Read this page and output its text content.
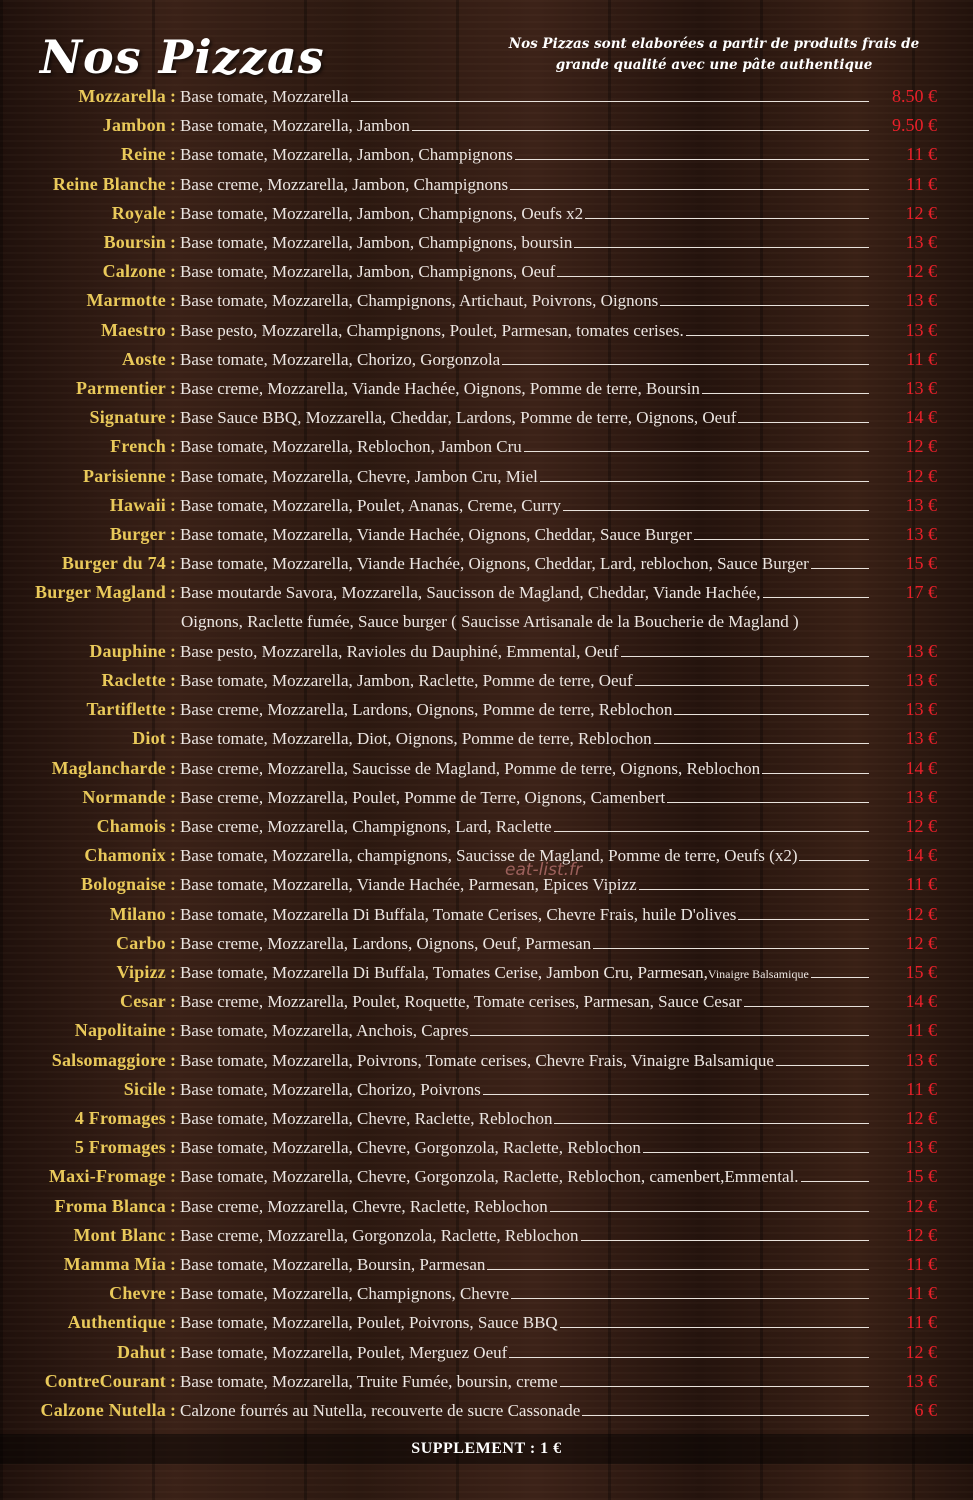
Nos Pizzas	Nos Pizzas sont elaborées a partir de produits frais de grande qualité avec une pâte authentique
Mozzarella : Base tomate, Mozzarella	8.50 €
Jambon : Base tomate, Mozzarella, Jambon	9.50 €
Reine : Base tomate, Mozzarella, Jambon, Champignons	11 €
Reine Blanche : Base creme, Mozzarella, Jambon, Champignons	11 €
Royale : Base tomate, Mozzarella, Jambon, Champignons, Oeufs x2	12 €
Boursin : Base tomate, Mozzarella, Jambon, Champignons, boursin	13 €
Calzone : Base tomate, Mozzarella, Jambon, Champignons, Oeuf	12 €
Marmotte : Base tomate, Mozzarella, Champignons, Artichaut, Poivrons, Oignons	13 €
Maestro : Base pesto, Mozzarella, Champignons, Poulet, Parmesan, tomates cerises.	13 €
Aoste : Base tomate, Mozzarella, Chorizo, Gorgonzola	11 €
Parmentier : Base creme, Mozzarella, Viande Hachée, Oignons, Pomme de terre, Boursin	13 €
Signature : Base Sauce BBQ, Mozzarella, Cheddar, Lardons, Pomme de terre, Oignons, Oeuf	14 €
French : Base tomate, Mozzarella, Reblochon, Jambon Cru	12 €
Parisienne : Base tomate, Mozzarella, Chevre, Jambon Cru, Miel	12 €
Hawaii : Base tomate, Mozzarella, Poulet, Ananas, Creme, Curry	13 €
Burger : Base tomate, Mozzarella, Viande Hachée, Oignons, Cheddar, Sauce Burger	13 €
Burger du 74 : Base tomate, Mozzarella, Viande Hachée, Oignons, Cheddar, Lard, reblochon, Sauce Burger	15 €
Burger Magland : Base moutarde Savora, Mozzarella, Saucisson de Magland, Cheddar, Viande Hachée,	17 €
Oignons, Raclette fumée, Sauce burger ( Saucisse Artisanale de la Boucherie de Magland )
Dauphine : Base pesto, Mozzarella, Ravioles du Dauphiné, Emmental, Oeuf	13 €
Raclette : Base tomate, Mozzarella, Jambon, Raclette, Pomme de terre, Oeuf	13 €
Tartiflette : Base creme, Mozzarella, Lardons, Oignons, Pomme de terre, Reblochon	13 €
Diot : Base tomate, Mozzarella, Diot, Oignons, Pomme de terre, Reblochon	13 €
Maglancharde : Base creme, Mozzarella, Saucisse de Magland, Pomme de terre, Oignons, Reblochon	14 €
Normande : Base creme, Mozzarella, Poulet, Pomme de Terre, Oignons, Camenbert	13 €
Chamois : Base creme, Mozzarella, Champignons, Lard, Raclette	12 €
Chamonix : Base tomate, Mozzarella, champignons, Saucisse de Magland, Pomme de terre, Oeufs (x2)	14 €
Bolognaise : Base tomate, Mozzarella, Viande Hachée, Parmesan, Epices Vipizz	11 €
Milano : Base tomate, Mozzarella Di Buffala, Tomate Cerises, Chevre Frais, huile D'olives	12 €
Carbo : Base creme, Mozzarella, Lardons, Oignons, Oeuf, Parmesan	12 €
Vipizz : Base tomate, Mozzarella Di Buffala, Tomates Cerise, Jambon Cru, Parmesan, Vinaigre Balsamique	15 €
Cesar : Base creme, Mozzarella, Poulet, Roquette, Tomate cerises, Parmesan, Sauce Cesar	14 €
Napolitaine : Base tomate, Mozzarella, Anchois, Capres	11 €
Salsomaggiore : Base tomate, Mozzarella, Poivrons, Tomate cerises, Chevre Frais, Vinaigre Balsamique	13 €
Sicile : Base tomate, Mozzarella, Chorizo, Poivrons	11 €
4 Fromages : Base tomate, Mozzarella, Chevre, Raclette, Reblochon	12 €
5 Fromages : Base tomate, Mozzarella, Chevre, Gorgonzola, Raclette, Reblochon	13 €
Maxi-Fromage : Base tomate, Mozzarella, Chevre, Gorgonzola, Raclette, Reblochon, camenbert,Emmental.	15 €
Froma Blanca : Base creme, Mozzarella, Chevre, Raclette, Reblochon	12 €
Mont Blanc : Base creme, Mozzarella, Gorgonzola, Raclette, Reblochon	12 €
Mamma Mia : Base tomate, Mozzarella, Boursin, Parmesan	11 €
Chevre : Base tomate, Mozzarella, Champignons, Chevre	11 €
Authentique : Base tomate, Mozzarella, Poulet, Poivrons, Sauce BBQ	11 €
Dahut : Base tomate, Mozzarella, Poulet, Merguez Oeuf	12 €
ContreCourant : Base tomate, Mozzarella, Truite Fumée, boursin, creme	13 €
Calzone Nutella : Calzone fourrés au Nutella, recouverte de sucre Cassonade	6 €
eat-list.fr
SUPPLEMENT : 1 €
